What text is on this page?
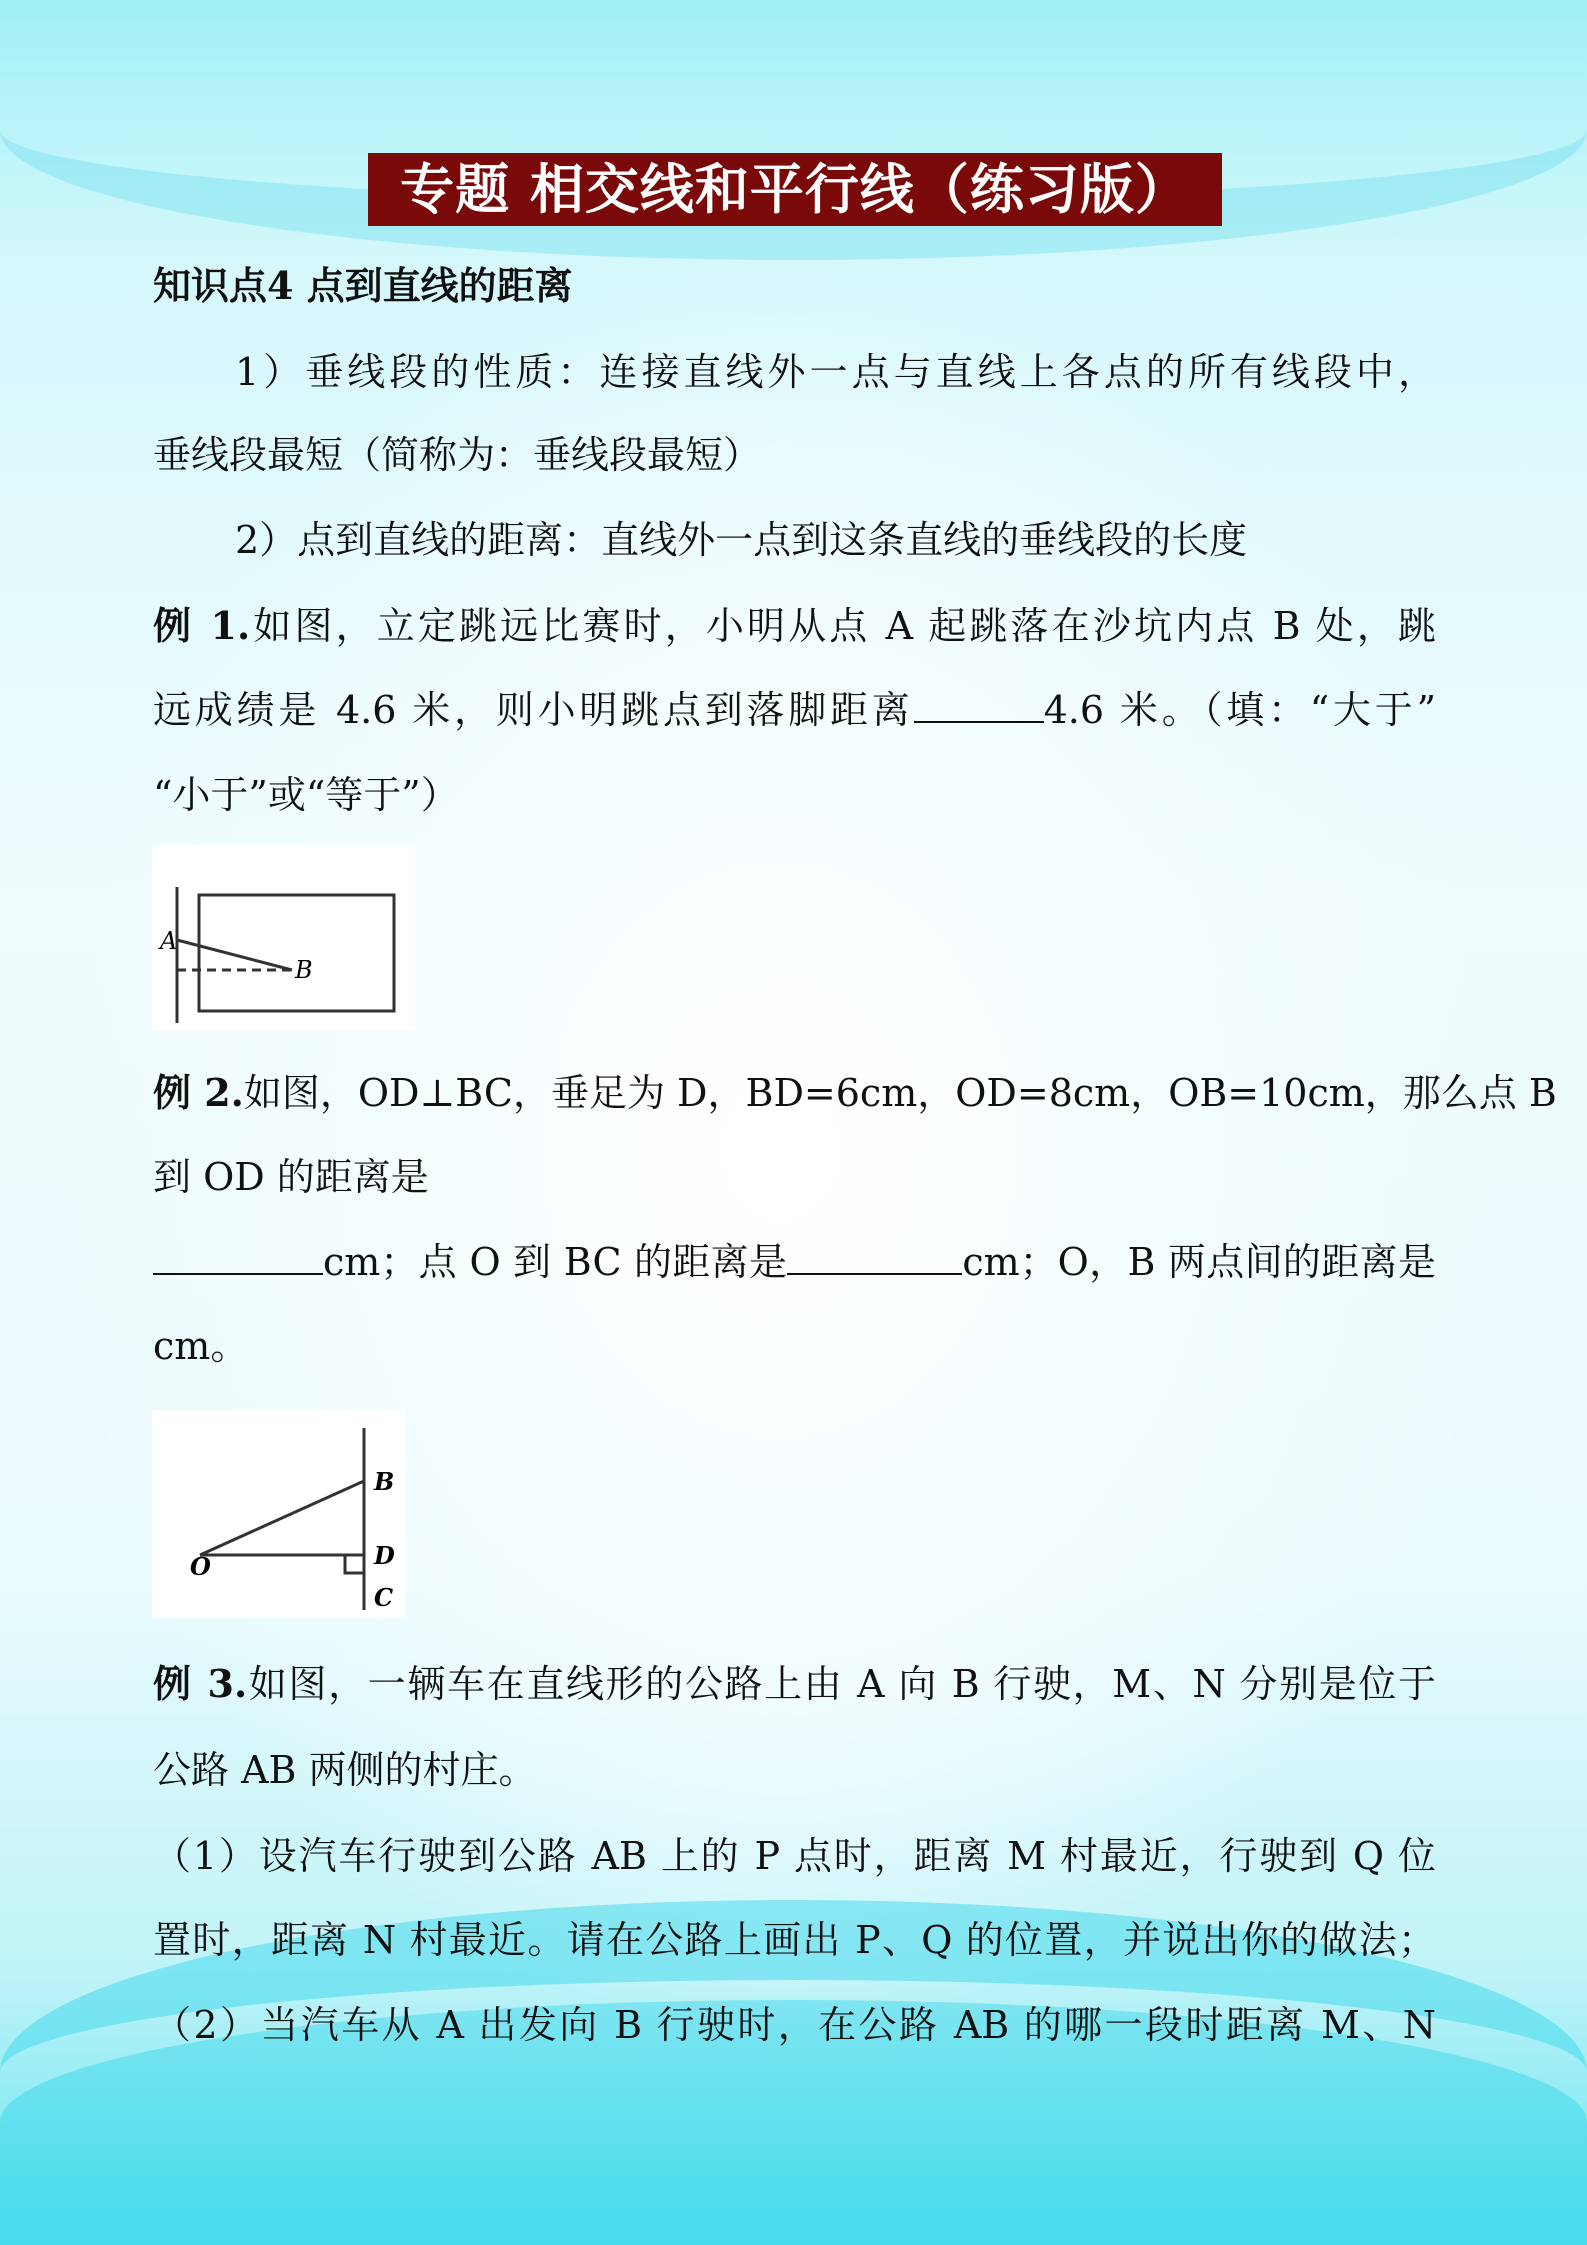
专题 相交线和平行线（练习版）
知识点4 点到直线的距离
1）垂线段的性质：连接直线外一点与直线上各点的所有线段中，
垂线段最短（简称为：垂线段最短）
2）点到直线的距离：直线外一点到这条直线的垂线段的长度
例 1.如图，立定跳远比赛时，小明从点 A 起跳落在沙坑内点 B 处，跳
远成绩是 4.6 米，则小明跳点到落脚距离	4.6 米。（填：“大于”
“小于”或“等于”）
A
B
例 2.如图，OD⊥BC，垂足为 D，BD=6cm，OD=8cm，OB=10cm，那么点 B
到 OD 的距离是
cm；点 O 到 BC 的距离是	cm；O，B 两点间的距离是
cm。
O
B
D
C
例 3.如图，一辆车在直线形的公路上由 A 向 B 行驶，M、N 分别是位于
公路 AB 两侧的村庄。
（1）设汽车行驶到公路 AB 上的 P 点时，距离 M 村最近，行驶到 Q 位
置时，距离 N 村最近。请在公路上画出 P、Q 的位置，并说出你的做法；
（2）当汽车从 A 出发向 B 行驶时，在公路 AB 的哪一段时距离 M、N
